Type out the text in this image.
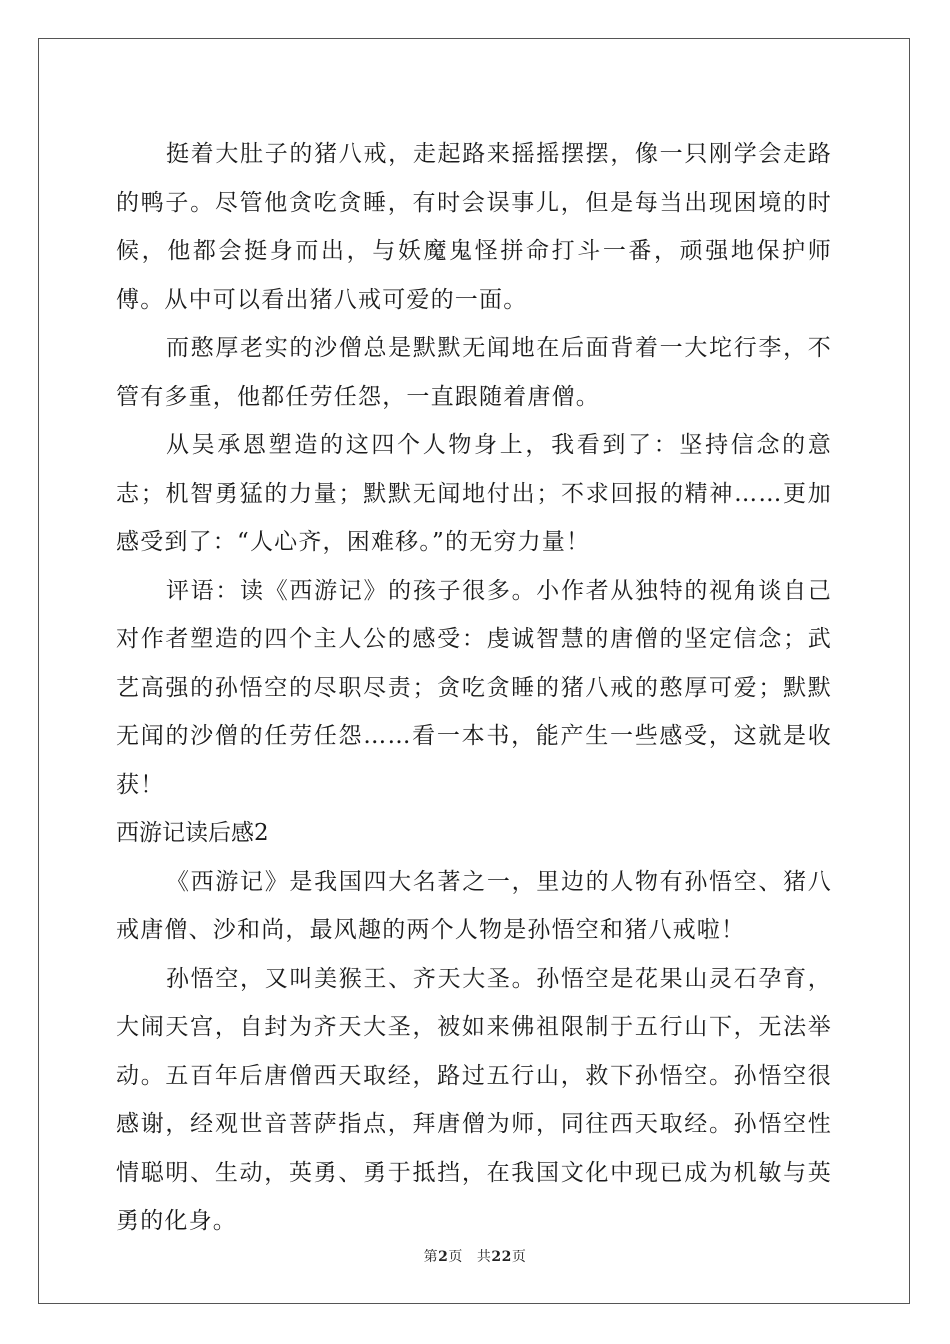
挺着大肚子的猪八戒，走起路来摇摇摆摆，像一只刚学会走路的鸭子。尽管他贪吃贪睡，有时会误事儿，但是每当出现困境的时候，他都会挺身而出，与妖魔鬼怪拼命打斗一番，顽强地保护师傅。从中可以看出猪八戒可爱的一面。

而憨厚老实的沙僧总是默默无闻地在后面背着一大坨行李，不管有多重，他都任劳任怨，一直跟随着唐僧。

从吴承恩塑造的这四个人物身上，我看到了：坚持信念的意志；机智勇猛的力量；默默无闻地付出；不求回报的精神……更加感受到了：“人心齐，困难移。”的无穷力量！

评语：读《西游记》的孩子很多。小作者从独特的视角谈自己对作者塑造的四个主人公的感受：虔诚智慧的唐僧的坚定信念；武艺高强的孙悟空的尽职尽责；贪吃贪睡的猪八戒的憨厚可爱；默默无闻的沙僧的任劳任怨……看一本书，能产生一些感受，这就是收获！

西游记读后感2

《西游记》是我国四大名著之一，里边的人物有孙悟空、猪八戒唐僧、沙和尚，最风趣的两个人物是孙悟空和猪八戒啦！

孙悟空，又叫美猴王、齐天大圣。孙悟空是花果山灵石孕育，大闹天宫，自封为齐天大圣，被如来佛祖限制于五行山下，无法举动。五百年后唐僧西天取经，路过五行山，救下孙悟空。孙悟空很感谢，经观世音菩萨指点，拜唐僧为师，同往西天取经。孙悟空性情聪明、生动，英勇、勇于抵挡，在我国文化中现已成为机敏与英勇的化身。

第2页 共22页
